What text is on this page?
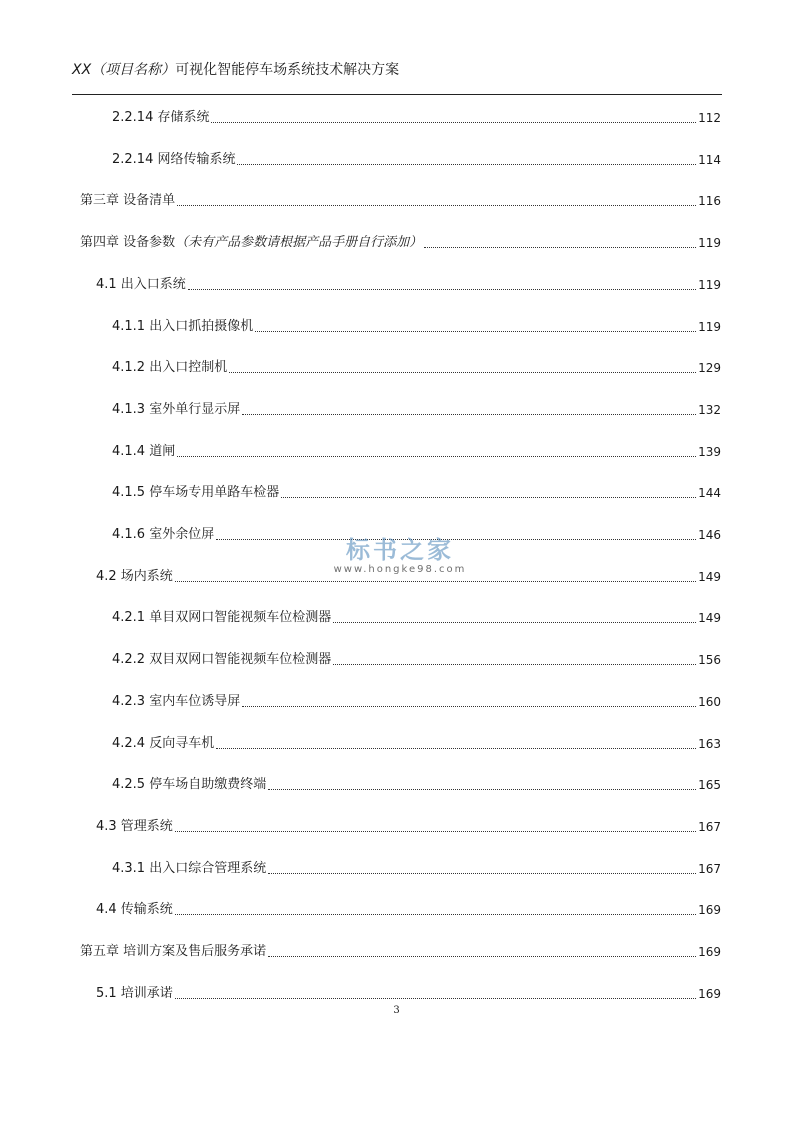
XX（项目名称）可视化智能停车场系统技术解决方案
2.2.14 存储系统	112
2.2.14 网络传输系统	114
第三章 设备清单	116
第四章 设备参数（未有产品参数请根据产品手册自行添加）	119
4.1 出入口系统	119
4.1.1 出入口抓拍摄像机	119
4.1.2 出入口控制机	129
4.1.3 室外单行显示屏	132
4.1.4 道闸	139
4.1.5 停车场专用单路车检器	144
4.1.6 室外余位屏	146
4.2 场内系统	149
4.2.1 单目双网口智能视频车位检测器	149
4.2.2 双目双网口智能视频车位检测器	156
4.2.3 室内车位诱导屏	160
4.2.4 反向寻车机	163
4.2.5 停车场自助缴费终端	165
4.3 管理系统	167
4.3.1 出入口综合管理系统	167
4.4 传输系统	169
第五章 培训方案及售后服务承诺	169
5.1 培训承诺	169
标书之家
www.hongke98.com
3
